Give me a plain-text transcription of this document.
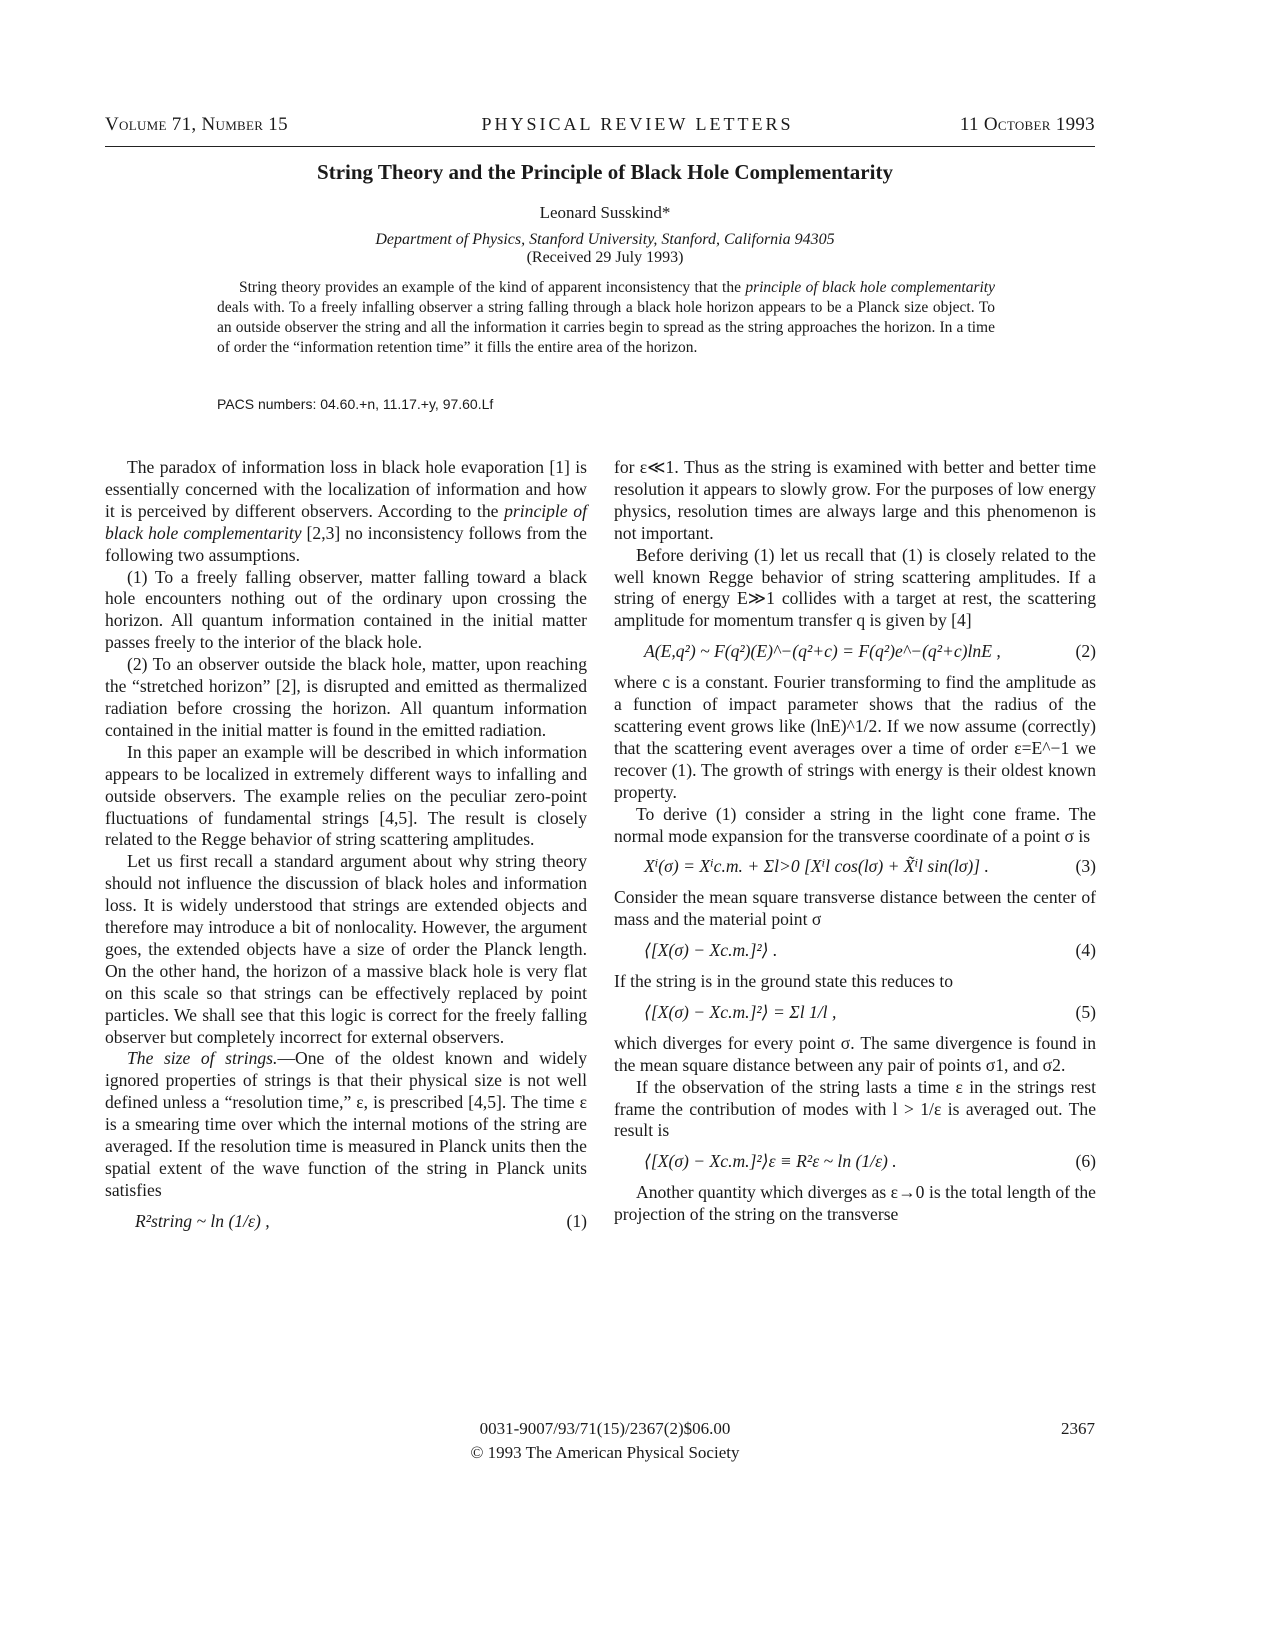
Volume 71, Number 15	PHYSICAL REVIEW LETTERS	11 October 1993
String Theory and the Principle of Black Hole Complementarity
Leonard Susskind*
Department of Physics, Stanford University, Stanford, California 94305
(Received 29 July 1993)
String theory provides an example of the kind of apparent inconsistency that the principle of black hole complementarity deals with. To a freely infalling observer a string falling through a black hole horizon appears to be a Planck size object. To an outside observer the string and all the information it carries begin to spread as the string approaches the horizon. In a time of order the “information retention time” it fills the entire area of the horizon.
PACS numbers: 04.60.+n, 11.17.+y, 97.60.Lf

The paradox of information loss in black hole evaporation [1] is essentially concerned with the localization of information and how it is perceived by different observers. According to the principle of black hole complementarity [2,3] no inconsistency follows from the following two assumptions.

(1) To a freely falling observer, matter falling toward a black hole encounters nothing out of the ordinary upon crossing the horizon. All quantum information contained in the initial matter passes freely to the interior of the black hole.

(2) To an observer outside the black hole, matter, upon reaching the “stretched horizon” [2], is disrupted and emitted as thermalized radiation before crossing the horizon. All quantum information contained in the initial matter is found in the emitted radiation.

In this paper an example will be described in which information appears to be localized in extremely different ways to infalling and outside observers. The example relies on the peculiar zero-point fluctuations of fundamental strings [4,5]. The result is closely related to the Regge behavior of string scattering amplitudes.

Let us first recall a standard argument about why string theory should not influence the discussion of black holes and information loss. It is widely understood that strings are extended objects and therefore may introduce a bit of nonlocality. However, the argument goes, the extended objects have a size of order the Planck length. On the other hand, the horizon of a massive black hole is very flat on this scale so that strings can be effectively replaced by point particles. We shall see that this logic is correct for the freely falling observer but completely incorrect for external observers.

The size of strings.—One of the oldest known and widely ignored properties of strings is that their physical size is not well defined unless a “resolution time,” ε, is prescribed [4,5]. The time ε is a smearing time over which the internal motions of the string are averaged. If the resolution time is measured in Planck units then the spatial extent of the wave function of the string in Planck units satisfies

R²string ~ ln (1/ε) ,	(1)

for ε≪1. Thus as the string is examined with better and better time resolution it appears to slowly grow. For the purposes of low energy physics, resolution times are always large and this phenomenon is not important.

Before deriving (1) let us recall that (1) is closely related to the well known Regge behavior of string scattering amplitudes. If a string of energy E≫1 collides with a target at rest, the scattering amplitude for momentum transfer q is given by [4]

A(E,q²) ~ F(q²)(E)^−(q²+c) = F(q²)e^−(q²+c)lnE ,	(2)

where c is a constant. Fourier transforming to find the amplitude as a function of impact parameter shows that the radius of the scattering event grows like (lnE)^1/2. If we now assume (correctly) that the scattering event averages over a time of order ε=E^−1 we recover (1). The growth of strings with energy is their oldest known property.

To derive (1) consider a string in the light cone frame. The normal mode expansion for the transverse coordinate of a point σ is

Xⁱ(σ) = Xⁱc.m. + Σl>0 [Xⁱl cos(lσ) + X̃ⁱl sin(lσ)] .	(3)

Consider the mean square transverse distance between the center of mass and the material point σ

⟨[X(σ) − Xc.m.]²⟩ .	(4)

If the string is in the ground state this reduces to

⟨[X(σ) − Xc.m.]²⟩ = Σl 1/l ,	(5)

which diverges for every point σ. The same divergence is found in the mean square distance between any pair of points σ1, and σ2.

If the observation of the string lasts a time ε in the strings rest frame the contribution of modes with l > 1/ε is averaged out. The result is

⟨[X(σ) − Xc.m.]²⟩ε ≡ R²ε ~ ln (1/ε) .	(6)

Another quantity which diverges as ε→0 is the total length of the projection of the string on the transverse

0031-9007/93/71(15)/2367(2)$06.00
© 1993 The American Physical Society
2367
